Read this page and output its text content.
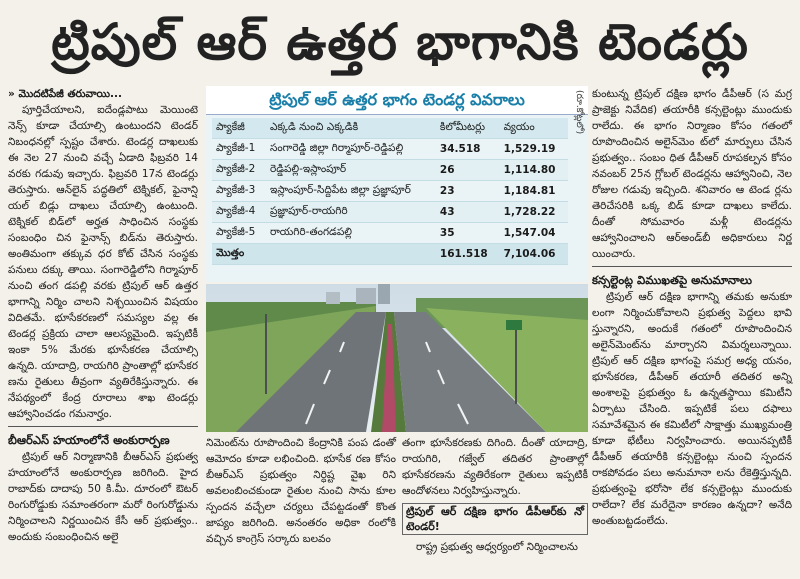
ట్రిపుల్ ఆర్ ఉత్తర భాగానికి టెండర్లు

» మొదటిపేజీ తరువాయి...

పూర్తిచేయాలని, ఐదేండ్లపాటు మెయింటె నెన్స్ కూడా చేయాల్సి ఉంటుందని టెండర్ నిబంధనల్లో స్పష్టం చేశారు. టెండర్ల దాఖలుకు ఈ నెల 27 నుంచి వచ్చే ఏడాది ఫిబ్రవరి 14 వరకు గడువు ఇచ్చారు. ఫిబ్రవరి 17న టెండర్లు తెరుస్తారు. ఆన్‌లైన్ పద్ధతిలో టెక్నికల్, ఫైనాన్షి యల్ బిడ్లు దాఖలు చేయాల్సి ఉంటుంది. టెక్నికల్ బిడ్‌లో అర్హత సాధించిన సంస్థకు సంబంధిం చిన ఫైనాన్స్ బిడ్‌ను తెరుస్తారు. అంతిమంగా తక్కువ ధర కోట్ చేసిన సంస్థకు పనులు దక్కు తాయి. సంగారెడ్డిలోని గిర్మాపూర్ నుంచి తంగ డపల్లి వరకు ట్రిపుల్ ఆర్ ఉత్తర భాగాన్ని నిర్మిం చాలని నిశ్చయించిన విషయం విదితమే. భూసేకరణలో సమస్యల వల్ల ఈ టెండర్ల ప్రక్రియ చాలా ఆలస్యమైంది. ఇప్పటికీ ఇంకా 5% మేరకు భూసేకరణ చేయాల్సి ఉన్నది. యాదాద్రి, రాయగిరి ప్రాంతాల్లో భూసేకర ణను రైతులు తీవ్రంగా వ్యతిరేకిస్తున్నారు. ఈ నేపథ్యంలో కేంద్ర రూరాలు శాఖ టెండర్లు ఆహ్వానించడం గమనార్హం.

బీఆర్ఎస్ హయాంలోనే అంకురార్పణ

ట్రిపుల్ ఆర్ నిర్మాణానికి బీఆర్ఎస్ ప్రభుత్వ హయాంలోనే అంకురార్పణ జరిగింది. హైద రాబాద్‌కు దాదాపు 50 కి.మీ. దూరంలో ఔటర్ రింగురోడ్డుకు సమాంతరంగా మరో రింగురోడ్డును నిర్మించాలని నిర్ణయించిన కేసీ ఆర్ ప్రభుత్వం.. అందుకు సంబంధించిన అలై

ట్రిపుల్ ఆర్ ఉత్తర భాగం టెండర్ల వివరాలు	(రూ.కోట్లలో)
ప్యాకేజీ	ఎక్కడి నుంచి ఎక్కడికి	కిలోమీటర్లు	వ్యయం
ప్యాకేజీ-1	సంగారెడ్డి జిల్లా గిర్మాపూర్-రెడ్డిపల్లి	34.518	1,529.19
ప్యాకేజీ-2	రెడ్డిపల్లి-ఇస్లాంపూర్	26	1,114.80
ప్యాకేజీ-3	ఇస్లాంపూర్-సిద్దిపేట జిల్లా ప్రజ్ఞాపూర్	23	1,184.81
ప్యాకేజీ-4	ప్రజ్ఞాపూర్-రాయగిరి	43	1,728.22
ప్యాకేజీ-5	రాయగిరి-తంగడపల్లి	35	1,547.04
మొత్తం		161.518	7,104.06

నిమెంట్‌ను రూపొందించి కేంద్రానికి పంప డంతో ఆమోదం కూడా లభించింది. భూసేక రణ కోసం బీఆర్ఎస్ ప్రభుత్వం నిర్ధిష్ట వైఖ రిని అవలంబించకుండా రైతుల నుంచి సాను కూల స్పందన వచ్చేలా చర్యలు చేపట్టడంతో కొంత జాప్యం జరిగింది. అనంతరం అధికా రంలోకి వచ్చిన కాంగ్రెస్ సర్కారు బలవం

తంగా భూసేకరణకు దిగింది. దీంతో యాదాద్రి, రాయగిరి, గజ్వేల్ తదితర ప్రాంతాల్లో భూసేకరణను వ్యతిరేకంగా రైతులు ఇప్పటికీ ఆందోళనలు నిర్వహిస్తున్నారు.

ట్రిపుల్ ఆర్ దక్షిణ భాగం డీపీఆర్‌కు నో టెండర్!

రాష్ట్ర ప్రభుత్వ ఆధ్వర్యంలో నిర్మించాలను

కుంటున్న ట్రిపుల్ దక్షిణ భాగం డీపీఆర్ (స మగ్ర ప్రాజెక్టు నివేదిక) తయారీకి కన్సల్టెంట్లు ముందుకు రాలేదు. ఈ భాగం నిర్మాణం కోసం గతంలో రూపొందించిన అలైన్‌మెం ట్‌లో మార్పులు చేసిన ప్రభుత్వం.. సంబం ధిత డీపీఆర్ రూపకల్పన కోసం నవంబర్ 25న గ్లోబల్ టెండర్లను ఆహ్వానించి, నెల రోజుల గడువు ఇచ్చింది. శనివారం ఆ టెండ ర్లను తెరిచేసరికి ఒక్క బిడ్ కూడా దాఖలు కాలేదు. దీంతో సోమవారం మళ్లీ టెండర్లను ఆహ్వానించాలని ఆర్అండ్‌బీ అధికారులు నిర్ణ యించారు.

కన్సల్టెంట్ల విముఖతపై అనుమానాలు

ట్రిపుల్ ఆర్ దక్షిణ భాగాన్ని తమకు అనుకూ లంగా నిర్మించుకోవాలని ప్రభుత్వ పెద్దలు భావి స్తున్నారని, అందుకే గతంలో రూపొందించిన అలైన్‌మెంట్‌ను మార్చారని విమర్శలున్నాయి. ట్రిపుల్ ఆర్ దక్షిణ భాగంపై సమగ్ర అధ్య యనం, భూసేకరణ, డీపీఆర్ తయారీ తదితర అన్ని అంశాలపై ప్రభుత్వం ఓ ఉన్నతస్థాయి కమిటీని ఏర్పాటు చేసింది. ఇప్పటికే పలు దఫాలు సమావేశమైన ఈ కమిటీలో సాక్షాత్తు ముఖ్యమంత్రి కూడా భేటీలు నిర్వహించారు. అయినప్పటికీ డీపీఆర్ తయారీకి కన్సల్టెంట్లు నుంచి స్పందన రాకపోవడం పలు అనుమానా లను రేకెత్తిస్తున్నది. ప్రభుత్వంపై భరోసా లేక కన్సల్టెంట్లు ముందుకు రాలేదా? లేక మరేదైనా కారణం ఉన్నదా? అనేది అంతుబట్టడంలేదు.
